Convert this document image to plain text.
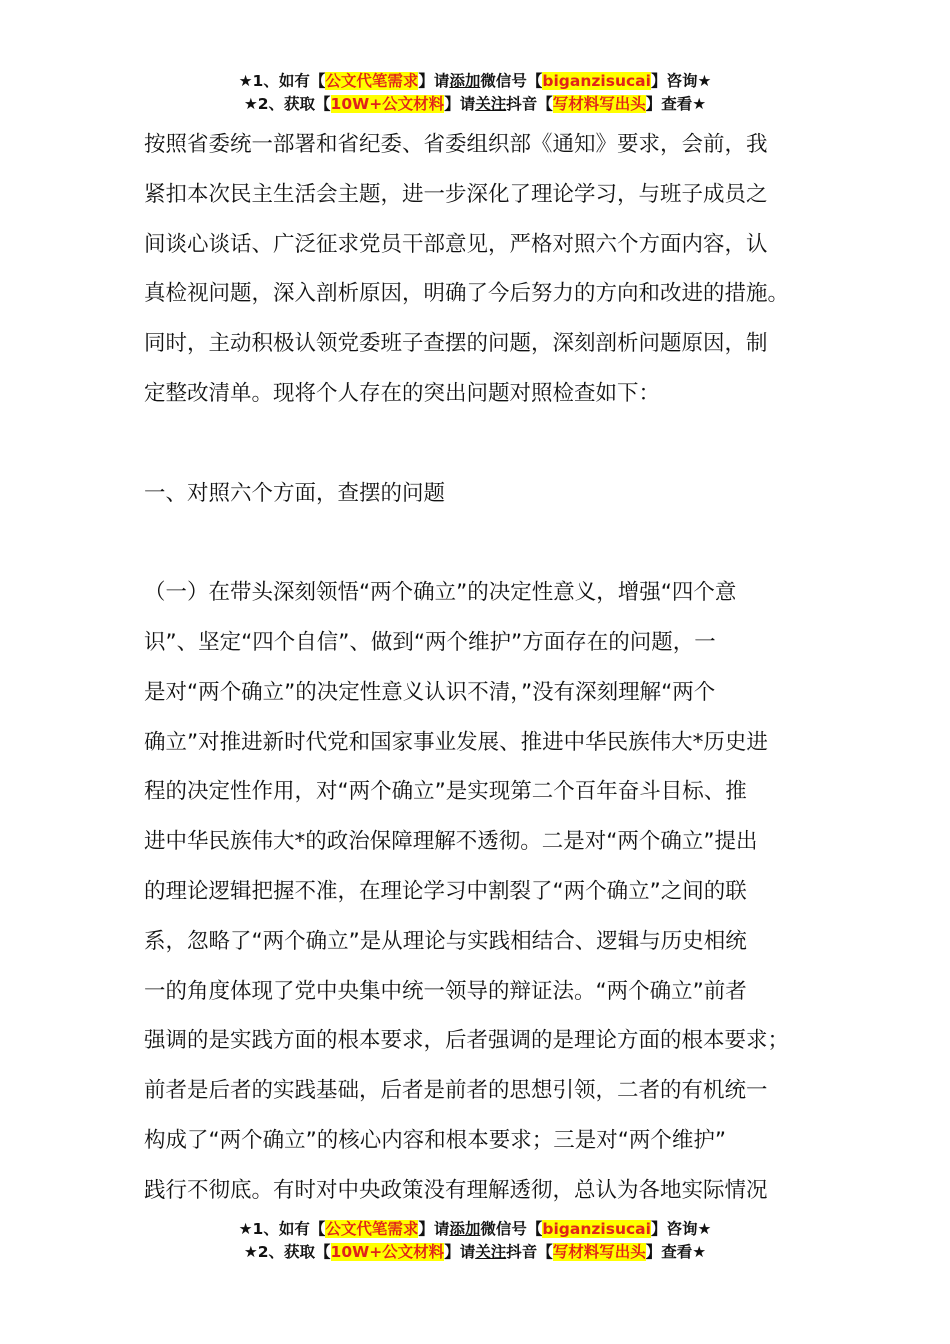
★1、如有【公文代笔需求】请添加微信号【biganzisucai】咨询★
★2、获取【10W+公文材料】请关注抖音【写材料写出头】查看★

按照省委统一部署和省纪委、省委组织部《通知》要求，会前，我

紧扣本次民主生活会主题，进一步深化了理论学习，与班子成员之

间谈心谈话、广泛征求党员干部意见，严格对照六个方面内容，认

真检视问题，深入剖析原因，明确了今后努力的方向和改进的措施。

同时，主动积极认领党委班子查摆的问题，深刻剖析问题原因，制

定整改清单。现将个人存在的突出问题对照检查如下：

一、对照六个方面，查摆的问题

（一）在带头深刻领悟“两个确立”的决定性意义，增强“四个意

识”、坚定“四个自信”、做到“两个维护”方面存在的问题，一

是对“两个确立”的决定性意义认识不清，”没有深刻理解“两个

确立”对推进新时代党和国家事业发展、推进中华民族伟大*历史进

程的决定性作用，对“两个确立”是实现第二个百年奋斗目标、推

进中华民族伟大*的政治保障理解不透彻。二是对“两个确立”提出

的理论逻辑把握不准，在理论学习中割裂了“两个确立”之间的联

系，忽略了“两个确立”是从理论与实践相结合、逻辑与历史相统

一的角度体现了党中央集中统一领导的辩证法。“两个确立”前者

强调的是实践方面的根本要求，后者强调的是理论方面的根本要求；

前者是后者的实践基础，后者是前者的思想引领，二者的有机统一

构成了“两个确立”的核心内容和根本要求；三是对“两个维护”

践行不彻底。有时对中央政策没有理解透彻，总认为各地实际情况

★1、如有【公文代笔需求】请添加微信号【biganzisucai】咨询★
★2、获取【10W+公文材料】请关注抖音【写材料写出头】查看★
